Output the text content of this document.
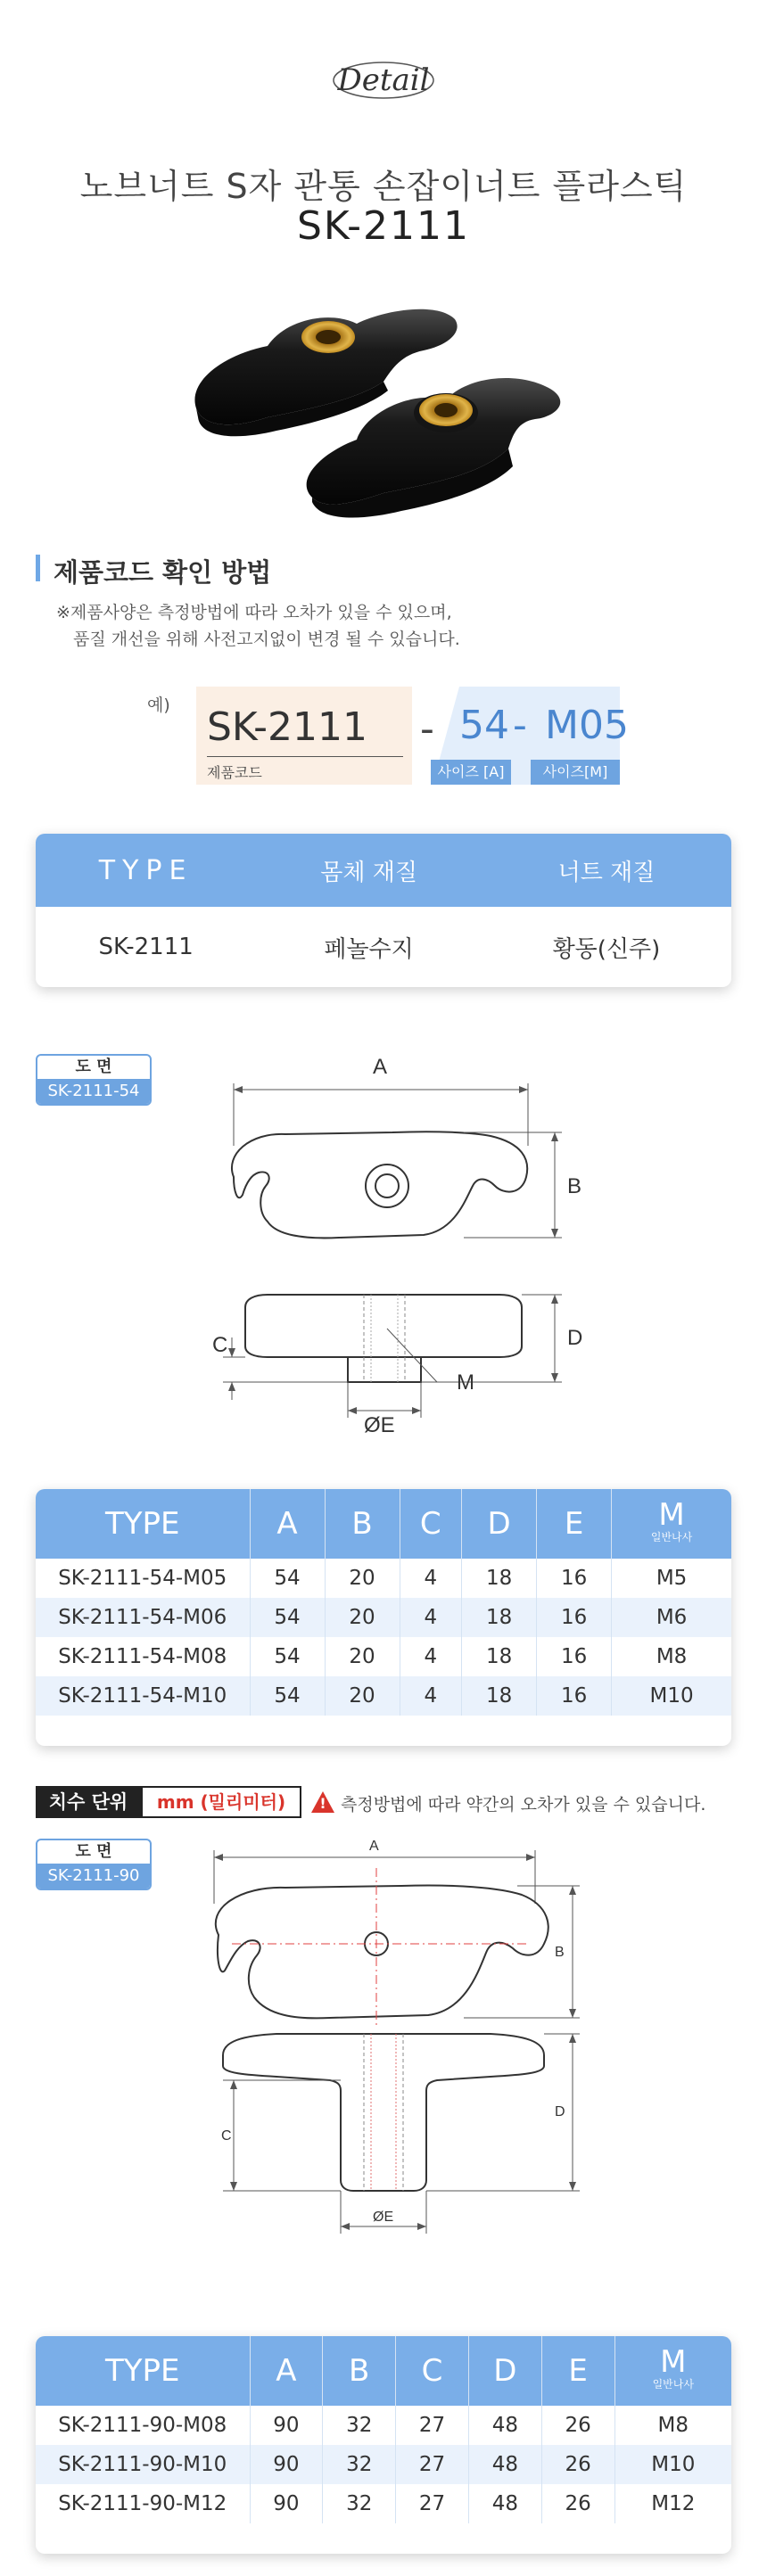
Detail
노브너트 S자 관통 손잡이너트 플라스틱
SK-2111
제품코드 확인 방법
※제품사양은 측정방법에 따라 오차가 있을 수 있으며,
품질 개선을 위해 사전고지없이 변경 될 수 있습니다.
예) SK-2111
제품코드
- 54 - M05
사이즈 [A]	사이즈[M]
TYPE	몸체 재질	너트 재질
SK-2111	페놀수지	황동(신주)
도 면
SK-2111-54
A
B
C	D
ØE
M
TYPE	A	B	C	D	E	M
일반나사

SK-2111-54-M05	54	20	4	18	16	M5
SK-2111-54-M06	54	20	4	18	16	M6
SK-2111-54-M08	54	20	4	18	16	M8
SK-2111-54-M10	54	20	4	18	16	M10
치수 단위	mm (밀리미터)	! 측정방법에 따라 약간의 오차가 있을 수 있습니다.
도 면
SK-2111-90
A
B
C
D
ØE
TYPE	A	B	C	D	E	M
일반나사

SK-2111-90-M08	90	32	27	48	26	M8
SK-2111-90-M10	90	32	27	48	26	M10
SK-2111-90-M12	90	32	27	48	26	M12
